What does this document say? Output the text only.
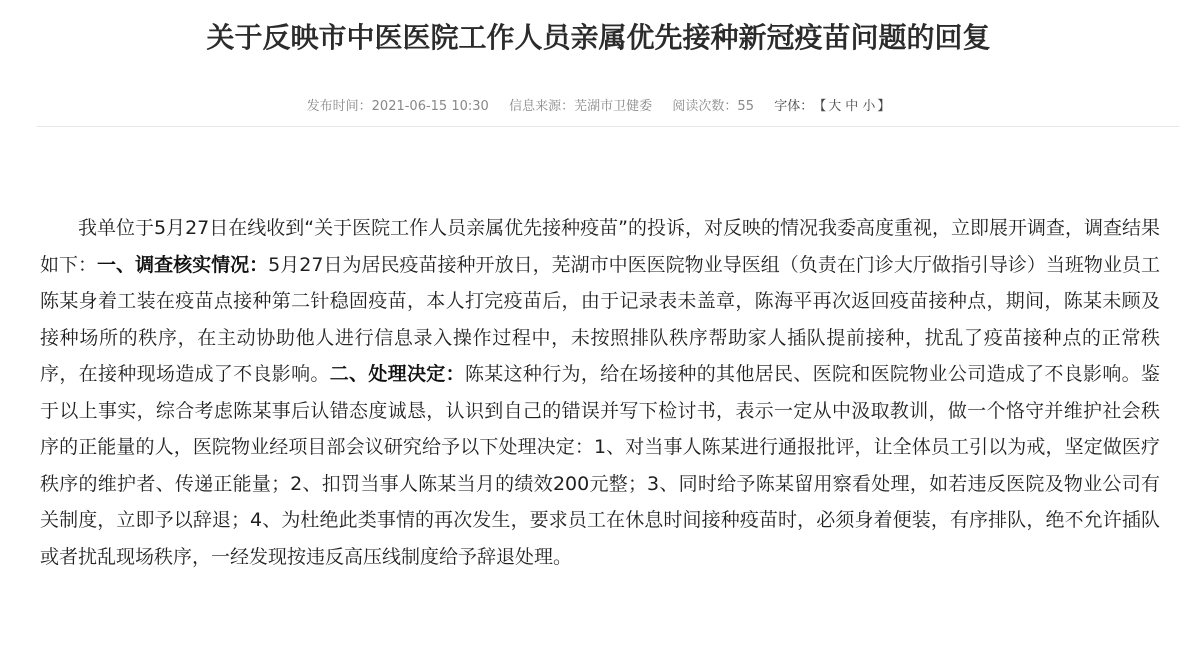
关于反映市中医医院工作人员亲属优先接种新冠疫苗问题的回复
发布时间：2021-06-15 10:30 信息来源：芜湖市卫健委 阅读次数：55 字体：【 大 中 小 】

我单位于5月27日在线收到“关于医院工作人员亲属优先接种疫苗”的投诉，对反映的情况我委高度重视，立即展开调查，调查结果如下：一、调查核实情况：5月27日为居民疫苗接种开放日，芜湖市中医医院物业导医组（负责在门诊大厅做指引导诊）当班物业员工陈某身着工装在疫苗点接种第二针稳固疫苗，本人打完疫苗后，由于记录表未盖章，陈海平再次返回疫苗接种点，期间，陈某未顾及接种场所的秩序，在主动协助他人进行信息录入操作过程中，未按照排队秩序帮助家人插队提前接种，扰乱了疫苗接种点的正常秩序，在接种现场造成了不良影响。二、处理决定：陈某这种行为，给在场接种的其他居民、医院和医院物业公司造成了不良影响。鉴于以上事实，综合考虑陈某事后认错态度诚恳，认识到自己的错误并写下检讨书，表示一定从中汲取教训，做一个恪守并维护社会秩序的正能量的人，医院物业经项目部会议研究给予以下处理决定：1、对当事人陈某进行通报批评，让全体员工引以为戒，坚定做医疗秩序的维护者、传递正能量；2、扣罚当事人陈某当月的绩效200元整；3、同时给予陈某留用察看处理，如若违反医院及物业公司有关制度，立即予以辞退；4、为杜绝此类事情的再次发生，要求员工在休息时间接种疫苗时，必须身着便装，有序排队，绝不允许插队或者扰乱现场秩序，一经发现按违反高压线制度给予辞退处理。
